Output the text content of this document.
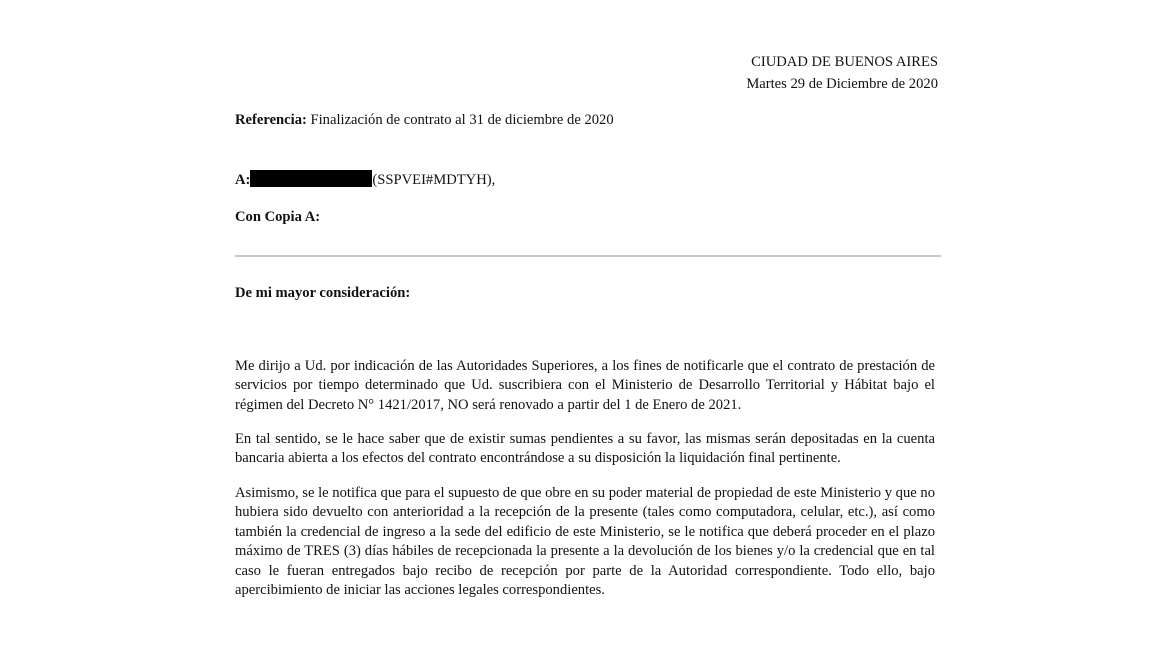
CIUDAD DE BUENOS AIRES
Martes 29 de Diciembre de 2020
Referencia: Finalización de contrato al 31 de diciembre de 2020
A:	(SSPVEI#MDTYH),
Con Copia A:
De mi mayor consideración:
Me dirijo a Ud. por indicación de las Autoridades Superiores, a los fines de notificarle que el contrato de prestación de servicios por tiempo determinado que Ud. suscribiera con el Ministerio de Desarrollo Territorial y Hábitat bajo el régimen del Decreto N° 1421/2017, NO será renovado a partir del 1 de Enero de 2021.
En tal sentido, se le hace saber que de existir sumas pendientes a su favor, las mismas serán depositadas en la cuenta bancaria abierta a los efectos del contrato encontrándose a su disposición la liquidación final pertinente.
Asimismo, se le notifica que para el supuesto de que obre en su poder material de propiedad de este Ministerio y que no hubiera sido devuelto con anterioridad a la recepción de la presente (tales como computadora, celular, etc.), así como también la credencial de ingreso a la sede del edificio de este Ministerio, se le notifica que deberá proceder en el plazo máximo de TRES (3) días hábiles de recepcionada la presente a la devolución de los bienes y/o la credencial que en tal caso le fueran entregados bajo recibo de recepción por parte de la Autoridad correspondiente. Todo ello, bajo apercibimiento de iniciar las acciones legales correspondientes.
